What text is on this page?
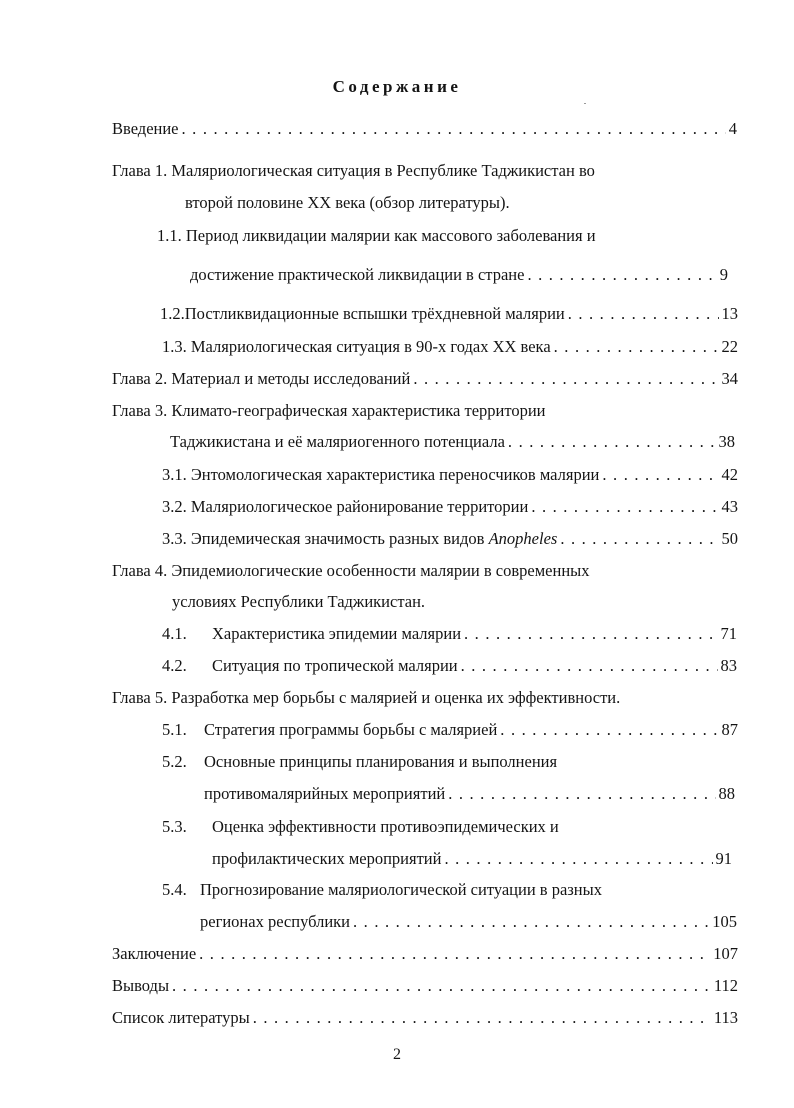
Содержание
Введение . . .	4
Глава 1. Маляриологическая ситуация в Республике Таджикистан во
второй половине XX века (обзор литературы).
1.1. Период ликвидации малярии как массового заболевания и
достижение практической ликвидации в стране . . .	9
1.2.Постликвидационные вспышки трёхдневной малярии . . .	13
1.3. Маляриологическая ситуация в 90-х годах XX века . . .	22
Глава 2. Материал и методы исследований . . .	34
Глава 3. Климато-географическая характеристика территории
Таджикистана и её маляриогенного потенциала . . .	38
3.1. Энтомологическая характеристика переносчиков малярии . . .	42
3.2. Маляриологическое районирование территории . . .	43
3.3. Эпидемическая значимость разных видов Anopheles . . .	50
Глава 4. Эпидемиологические особенности малярии в современных
условиях Республики Таджикистан.
4.1. Характеристика эпидемии малярии . . .	71
4.2. Ситуация по тропической малярии . . .	83
Глава 5. Разработка мер борьбы с малярией и оценка их эффективности.
5.1. Стратегия программы борьбы с малярией . . .	87
5.2. Основные принципы планирования и выполнения
противомалярийных мероприятий . . .	88
5.3. Оценка эффективности противоэпидемических и
профилактических мероприятий . . .	91
5.4. Прогнозирование маляриологической ситуации в разных
регионах республики . . .	105
Заключение . . .	107
Выводы . . .	112
Список литературы . . .	113
2
